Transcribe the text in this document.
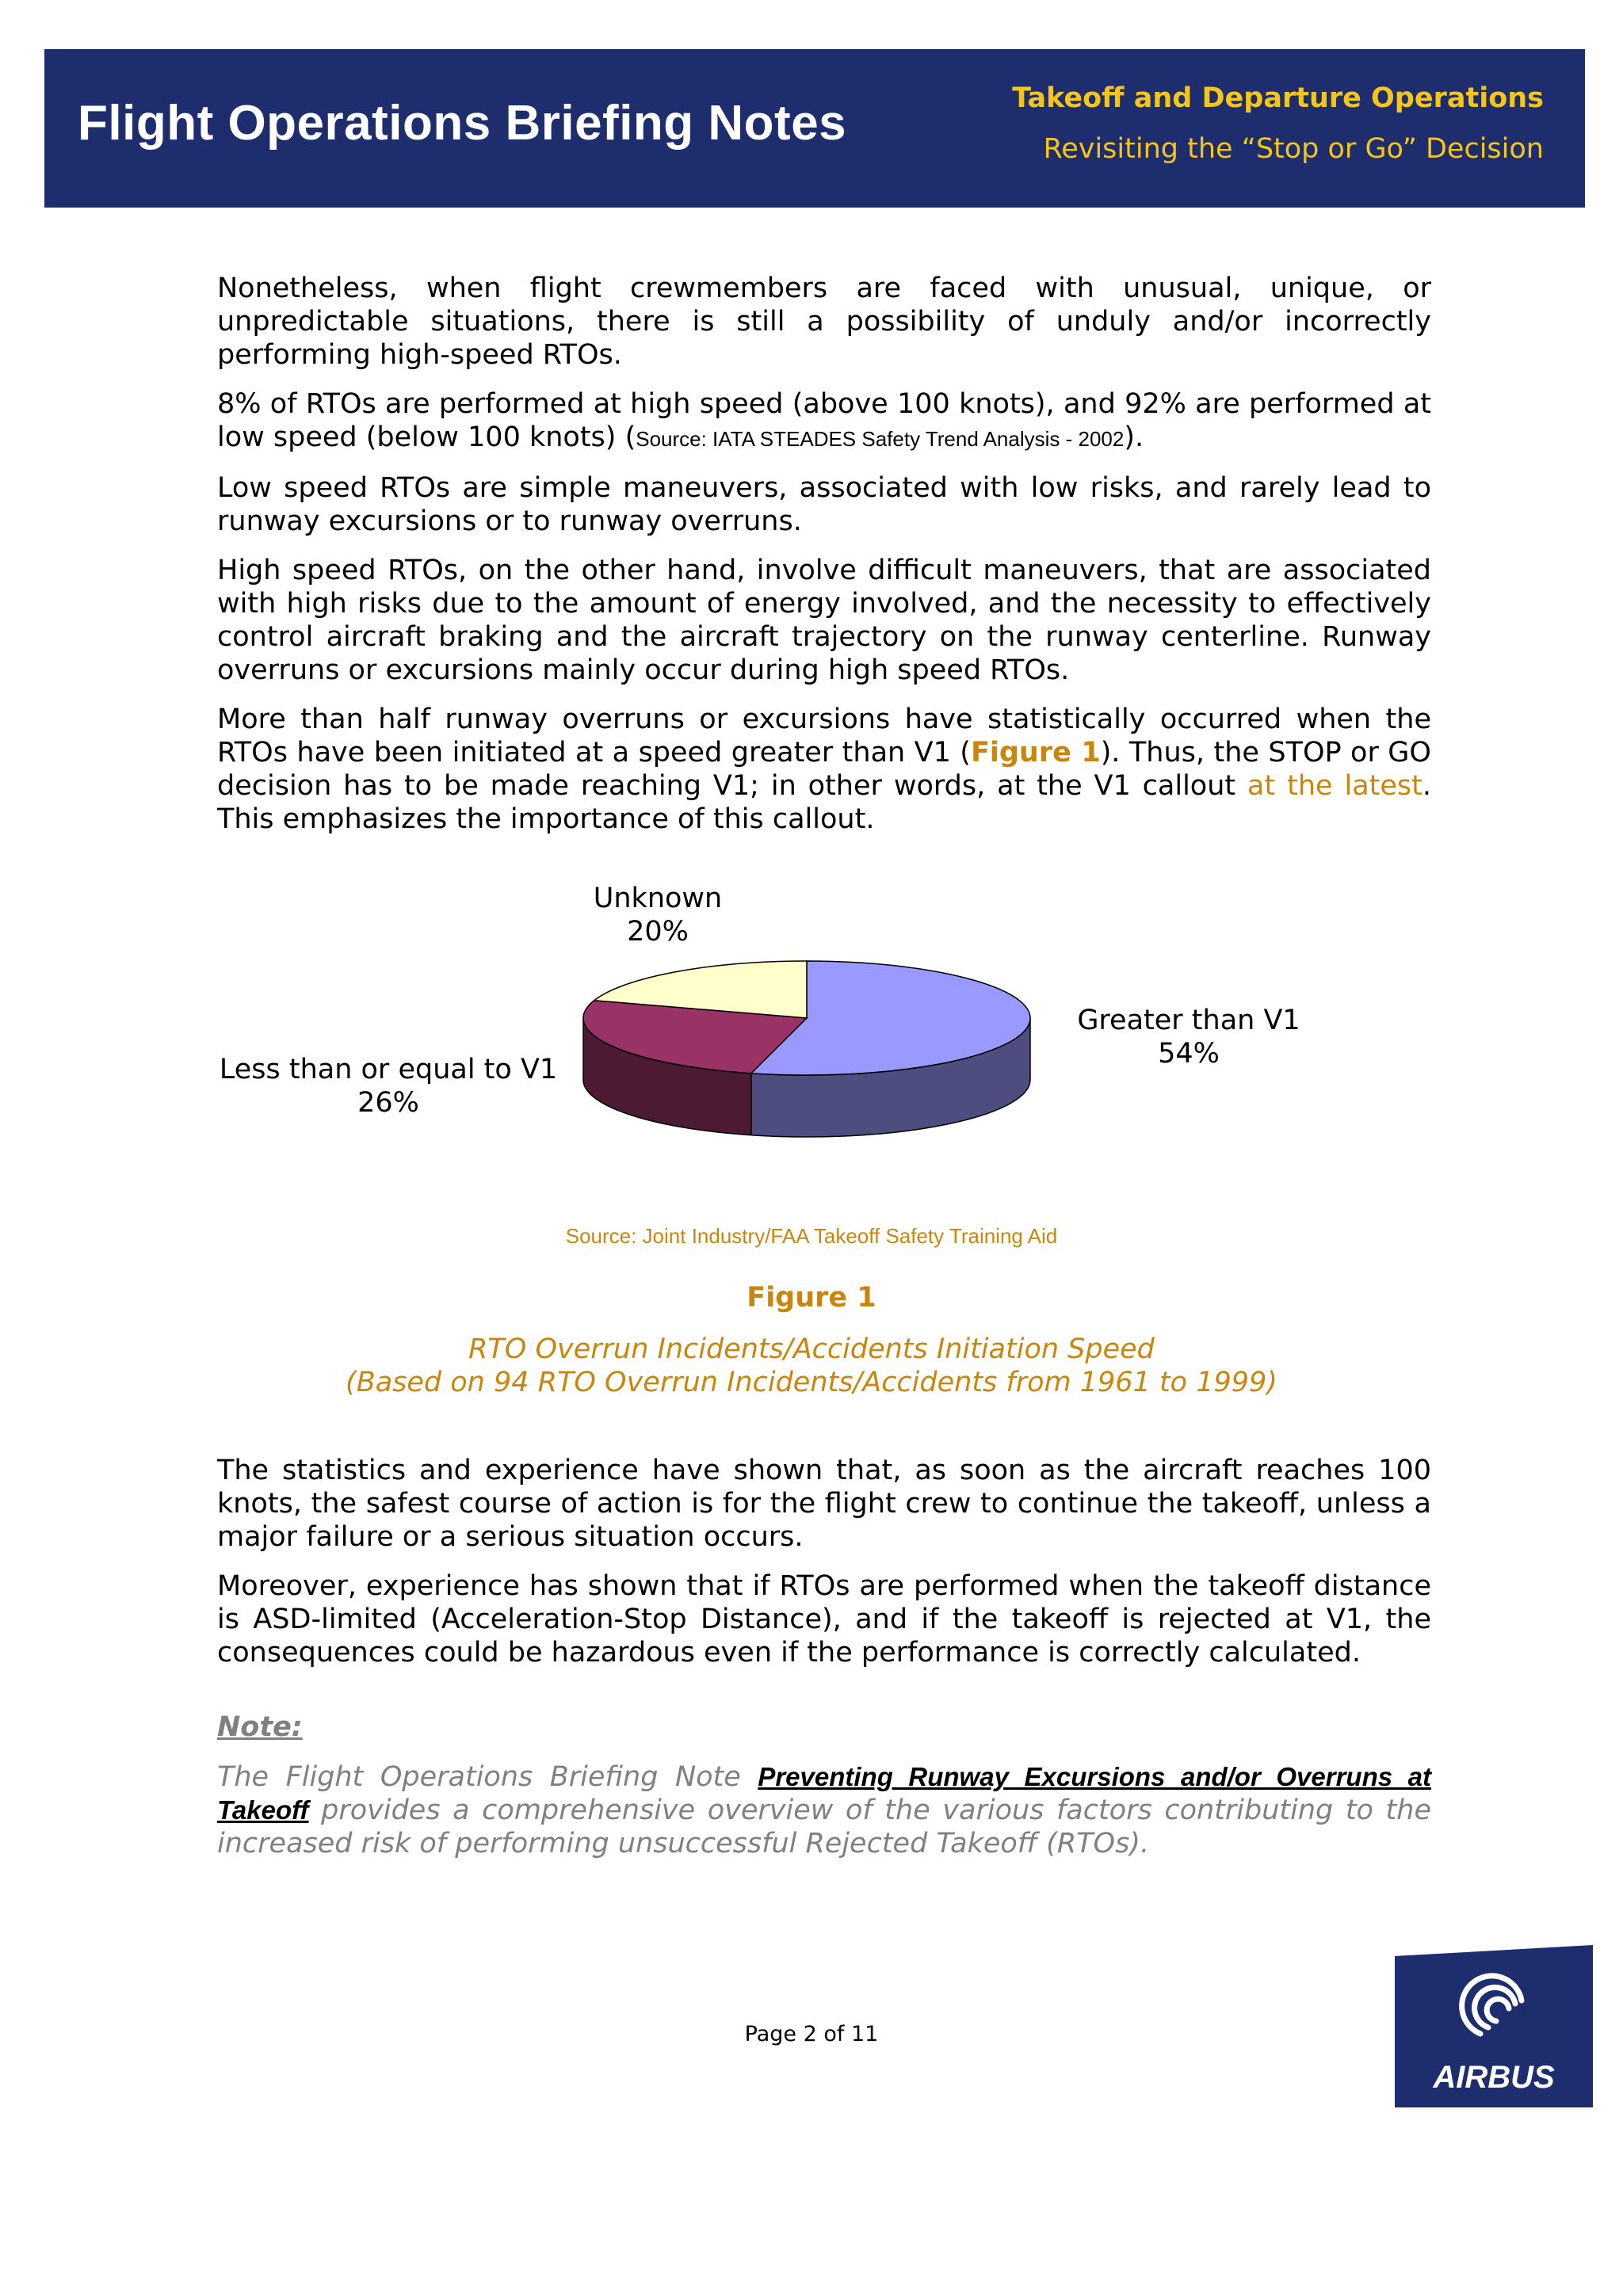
Flight Operations Briefing Notes	Takeoff and Departure Operations
Revisiting the “Stop or Go” Decision

Nonetheless, when flight crewmembers are faced with unusual, unique, or unpredictable situations, there is still a possibility of unduly and/or incorrectly performing high-speed RTOs.

8% of RTOs are performed at high speed (above 100 knots), and 92% are performed at low speed (below 100 knots) (Source: IATA STEADES Safety Trend Analysis - 2002).

Low speed RTOs are simple maneuvers, associated with low risks, and rarely lead to runway excursions or to runway overruns.

High speed RTOs, on the other hand, involve difficult maneuvers, that are associated with high risks due to the amount of energy involved, and the necessity to effectively control aircraft braking and the aircraft trajectory on the runway centerline. Runway overruns or excursions mainly occur during high speed RTOs.

More than half runway overruns or excursions have statistically occurred when the RTOs have been initiated at a speed greater than V1 (Figure 1). Thus, the STOP or GO decision has to be made reaching V1; in other words, at the V1 callout at the latest. This emphasizes the importance of this callout.

Unknown
20%
Greater than V1
54%
Less than or equal to V1
26%
Source: Joint Industry/FAA Takeoff Safety Training Aid
Figure 1
RTO Overrun Incidents/Accidents Initiation Speed
(Based on 94 RTO Overrun Incidents/Accidents from 1961 to 1999)

The statistics and experience have shown that, as soon as the aircraft reaches 100 knots, the safest course of action is for the flight crew to continue the takeoff, unless a major failure or a serious situation occurs.

Moreover, experience has shown that if RTOs are performed when the takeoff distance is ASD-limited (Acceleration-Stop Distance), and if the takeoff is rejected at V1, the consequences could be hazardous even if the performance is correctly calculated.

Note:
The Flight Operations Briefing Note Preventing Runway Excursions and/or Overruns at Takeoff provides a comprehensive overview of the various factors contributing to the increased risk of performing unsuccessful Rejected Takeoff (RTOs).
Page 2 of 11
AIRBUS
